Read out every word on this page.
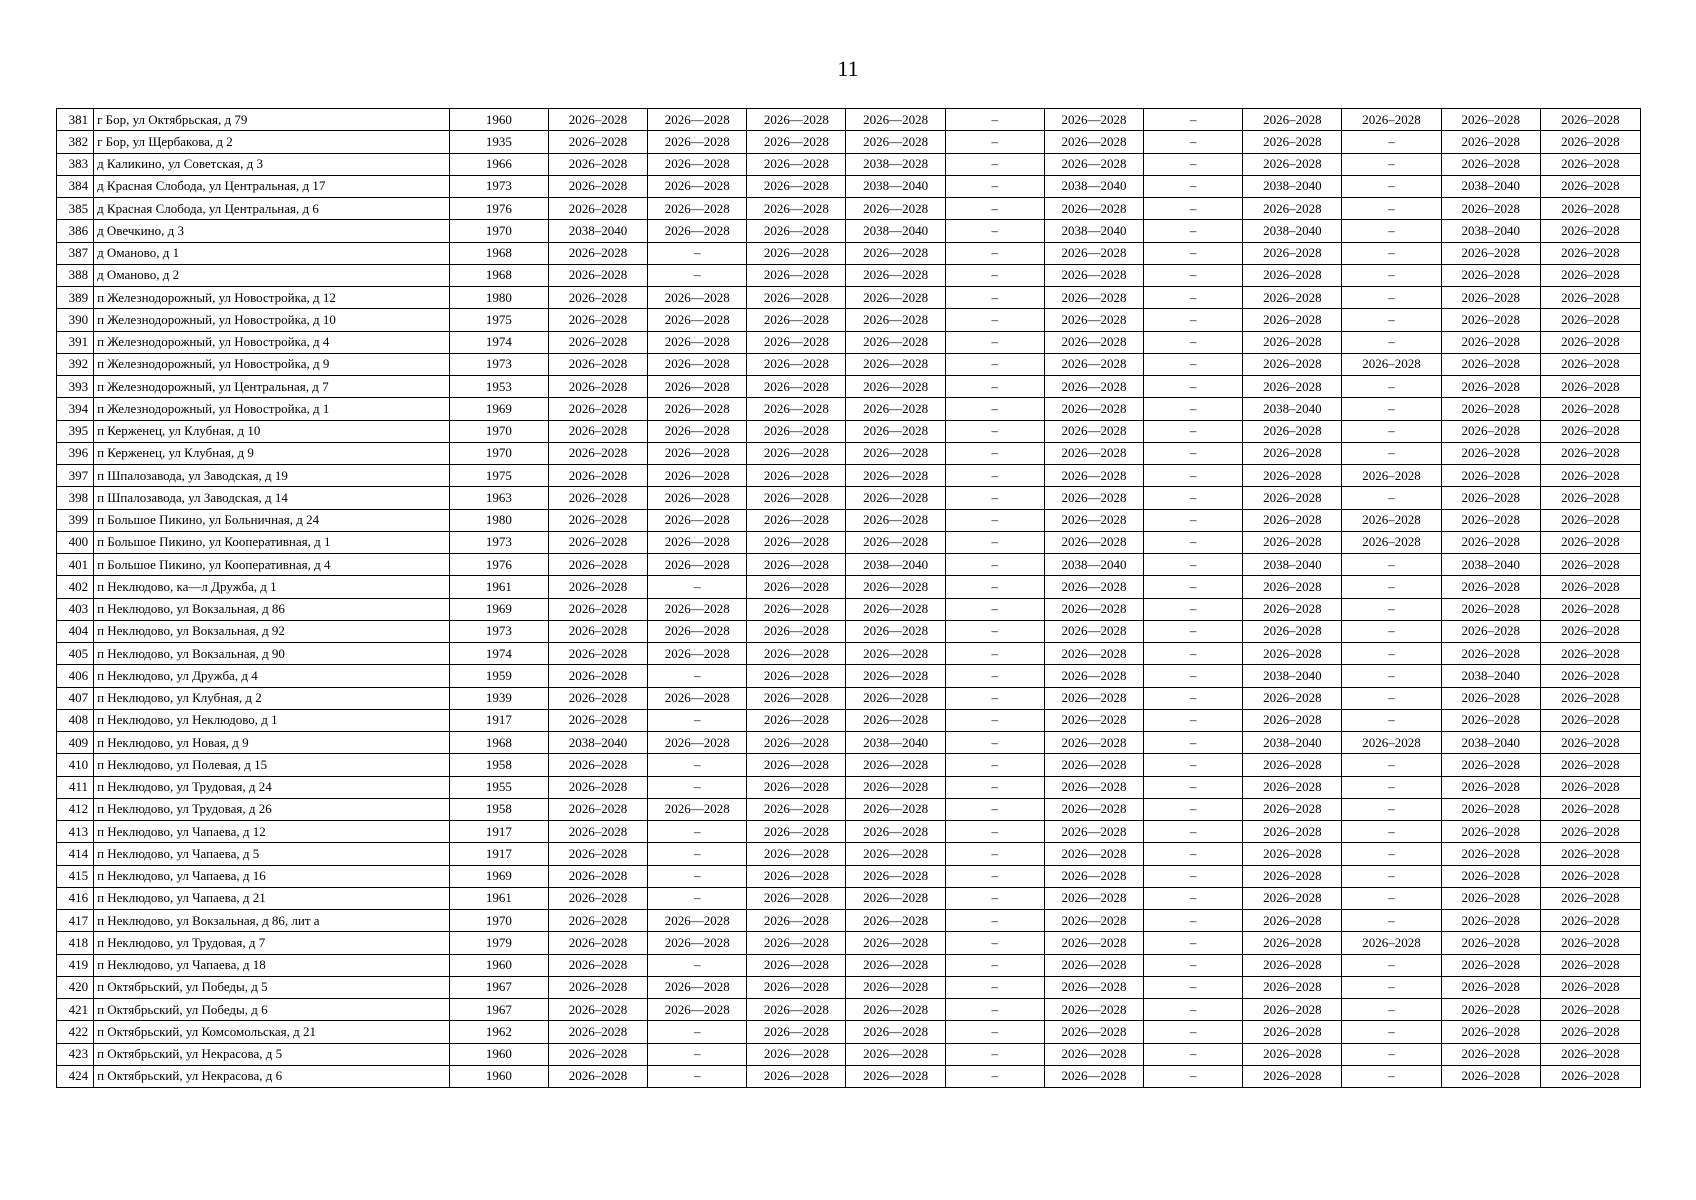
11
381	г Бор, ул Октябрьская, д 79	1960	2026–2028	2026—2028	2026—2028	2026—2028	–	2026—2028	–	2026–2028	2026–2028	2026–2028	2026–2028
382	г Бор, ул Щербакова, д 2	1935	2026–2028	2026—2028	2026—2028	2026—2028	–	2026—2028	–	2026–2028	–	2026–2028	2026–2028
383	д Каликино, ул Советская, д 3	1966	2026–2028	2026—2028	2026—2028	2038—2028	–	2026—2028	–	2026–2028	–	2026–2028	2026–2028
384	д Красная Слобода, ул Центральная, д 17	1973	2026–2028	2026—2028	2026—2028	2038—2040	–	2038—2040	–	2038–2040	–	2038–2040	2026–2028
385	д Красная Слобода, ул Центральная, д 6	1976	2026–2028	2026—2028	2026—2028	2026—2028	–	2026—2028	–	2026–2028	–	2026–2028	2026–2028
386	д Овечкино, д 3	1970	2038–2040	2026—2028	2026—2028	2038—2040	–	2038—2040	–	2038–2040	–	2038–2040	2026–2028
387	д Оманово, д 1	1968	2026–2028	–	2026—2028	2026—2028	–	2026—2028	–	2026–2028	–	2026–2028	2026–2028
388	д Оманово, д 2	1968	2026–2028	–	2026—2028	2026—2028	–	2026—2028	–	2026–2028	–	2026–2028	2026–2028
389	п Железнодорожный, ул Новостройка, д 12	1980	2026–2028	2026—2028	2026—2028	2026—2028	–	2026—2028	–	2026–2028	–	2026–2028	2026–2028
390	п Железнодорожный, ул Новостройка, д 10	1975	2026–2028	2026—2028	2026—2028	2026—2028	–	2026—2028	–	2026–2028	–	2026–2028	2026–2028
391	п Железнодорожный, ул Новостройка, д 4	1974	2026–2028	2026—2028	2026—2028	2026—2028	–	2026—2028	–	2026–2028	–	2026–2028	2026–2028
392	п Железнодорожный, ул Новостройка, д 9	1973	2026–2028	2026—2028	2026—2028	2026—2028	–	2026—2028	–	2026–2028	2026–2028	2026–2028	2026–2028
393	п Железнодорожный, ул Центральная, д 7	1953	2026–2028	2026—2028	2026—2028	2026—2028	–	2026—2028	–	2026–2028	–	2026–2028	2026–2028
394	п Железнодорожный, ул Новостройка, д 1	1969	2026–2028	2026—2028	2026—2028	2026—2028	–	2026—2028	–	2038–2040	–	2026–2028	2026–2028
395	п Керженец, ул Клубная, д 10	1970	2026–2028	2026—2028	2026—2028	2026—2028	–	2026—2028	–	2026–2028	–	2026–2028	2026–2028
396	п Керженец, ул Клубная, д 9	1970	2026–2028	2026—2028	2026—2028	2026—2028	–	2026—2028	–	2026–2028	–	2026–2028	2026–2028
397	п Шпалозавода, ул Заводская, д 19	1975	2026–2028	2026—2028	2026—2028	2026—2028	–	2026—2028	–	2026–2028	2026–2028	2026–2028	2026–2028
398	п Шпалозавода, ул Заводская, д 14	1963	2026–2028	2026—2028	2026—2028	2026—2028	–	2026—2028	–	2026–2028	–	2026–2028	2026–2028
399	п Большое Пикино, ул Больничная, д 24	1980	2026–2028	2026—2028	2026—2028	2026—2028	–	2026—2028	–	2026–2028	2026–2028	2026–2028	2026–2028
400	п Большое Пикино, ул Кооперативная, д 1	1973	2026–2028	2026—2028	2026—2028	2026—2028	–	2026—2028	–	2026–2028	2026–2028	2026–2028	2026–2028
401	п Большое Пикино, ул Кооперативная, д 4	1976	2026–2028	2026—2028	2026—2028	2038—2040	–	2038—2040	–	2038–2040	–	2038–2040	2026–2028
402	п Неклюдово, ка—л Дружба, д 1	1961	2026–2028	–	2026—2028	2026—2028	–	2026—2028	–	2026–2028	–	2026–2028	2026–2028
403	п Неклюдово, ул Вокзальная, д 86	1969	2026–2028	2026—2028	2026—2028	2026—2028	–	2026—2028	–	2026–2028	–	2026–2028	2026–2028
404	п Неклюдово, ул Вокзальная, д 92	1973	2026–2028	2026—2028	2026—2028	2026—2028	–	2026—2028	–	2026–2028	–	2026–2028	2026–2028
405	п Неклюдово, ул Вокзальная, д 90	1974	2026–2028	2026—2028	2026—2028	2026—2028	–	2026—2028	–	2026–2028	–	2026–2028	2026–2028
406	п Неклюдово, ул Дружба, д 4	1959	2026–2028	–	2026—2028	2026—2028	–	2026—2028	–	2038–2040	–	2038–2040	2026–2028
407	п Неклюдово, ул Клубная, д 2	1939	2026–2028	2026—2028	2026—2028	2026—2028	–	2026—2028	–	2026–2028	–	2026–2028	2026–2028
408	п Неклюдово, ул Неклюдово, д 1	1917	2026–2028	–	2026—2028	2026—2028	–	2026—2028	–	2026–2028	–	2026–2028	2026–2028
409	п Неклюдово, ул Новая, д 9	1968	2038–2040	2026—2028	2026—2028	2038—2040	–	2026—2028	–	2038–2040	2026–2028	2038–2040	2026–2028
410	п Неклюдово, ул Полевая, д 15	1958	2026–2028	–	2026—2028	2026—2028	–	2026—2028	–	2026–2028	–	2026–2028	2026–2028
411	п Неклюдово, ул Трудовая, д 24	1955	2026–2028	–	2026—2028	2026—2028	–	2026—2028	–	2026–2028	–	2026–2028	2026–2028
412	п Неклюдово, ул Трудовая, д 26	1958	2026–2028	2026—2028	2026—2028	2026—2028	–	2026—2028	–	2026–2028	–	2026–2028	2026–2028
413	п Неклюдово, ул Чапаева, д 12	1917	2026–2028	–	2026—2028	2026—2028	–	2026—2028	–	2026–2028	–	2026–2028	2026–2028
414	п Неклюдово, ул Чапаева, д 5	1917	2026–2028	–	2026—2028	2026—2028	–	2026—2028	–	2026–2028	–	2026–2028	2026–2028
415	п Неклюдово, ул Чапаева, д 16	1969	2026–2028	–	2026—2028	2026—2028	–	2026—2028	–	2026–2028	–	2026–2028	2026–2028
416	п Неклюдово, ул Чапаева, д 21	1961	2026–2028	–	2026—2028	2026—2028	–	2026—2028	–	2026–2028	–	2026–2028	2026–2028
417	п Неклюдово, ул Вокзальная, д 86, лит а	1970	2026–2028	2026—2028	2026—2028	2026—2028	–	2026—2028	–	2026–2028	–	2026–2028	2026–2028
418	п Неклюдово, ул Трудовая, д 7	1979	2026–2028	2026—2028	2026—2028	2026—2028	–	2026—2028	–	2026–2028	2026–2028	2026–2028	2026–2028
419	п Неклюдово, ул Чапаева, д 18	1960	2026–2028	–	2026—2028	2026—2028	–	2026—2028	–	2026–2028	–	2026–2028	2026–2028
420	п Октябрьский, ул Победы, д 5	1967	2026–2028	2026—2028	2026—2028	2026—2028	–	2026—2028	–	2026–2028	–	2026–2028	2026–2028
421	п Октябрьский, ул Победы, д 6	1967	2026–2028	2026—2028	2026—2028	2026—2028	–	2026—2028	–	2026–2028	–	2026–2028	2026–2028
422	п Октябрьский, ул Комсомольская, д 21	1962	2026–2028	–	2026—2028	2026—2028	–	2026—2028	–	2026–2028	–	2026–2028	2026–2028
423	п Октябрьский, ул Некрасова, д 5	1960	2026–2028	–	2026—2028	2026—2028	–	2026—2028	–	2026–2028	–	2026–2028	2026–2028
424	п Октябрьский, ул Некрасова, д 6	1960	2026–2028	–	2026—2028	2026—2028	–	2026—2028	–	2026–2028	–	2026–2028	2026–2028
